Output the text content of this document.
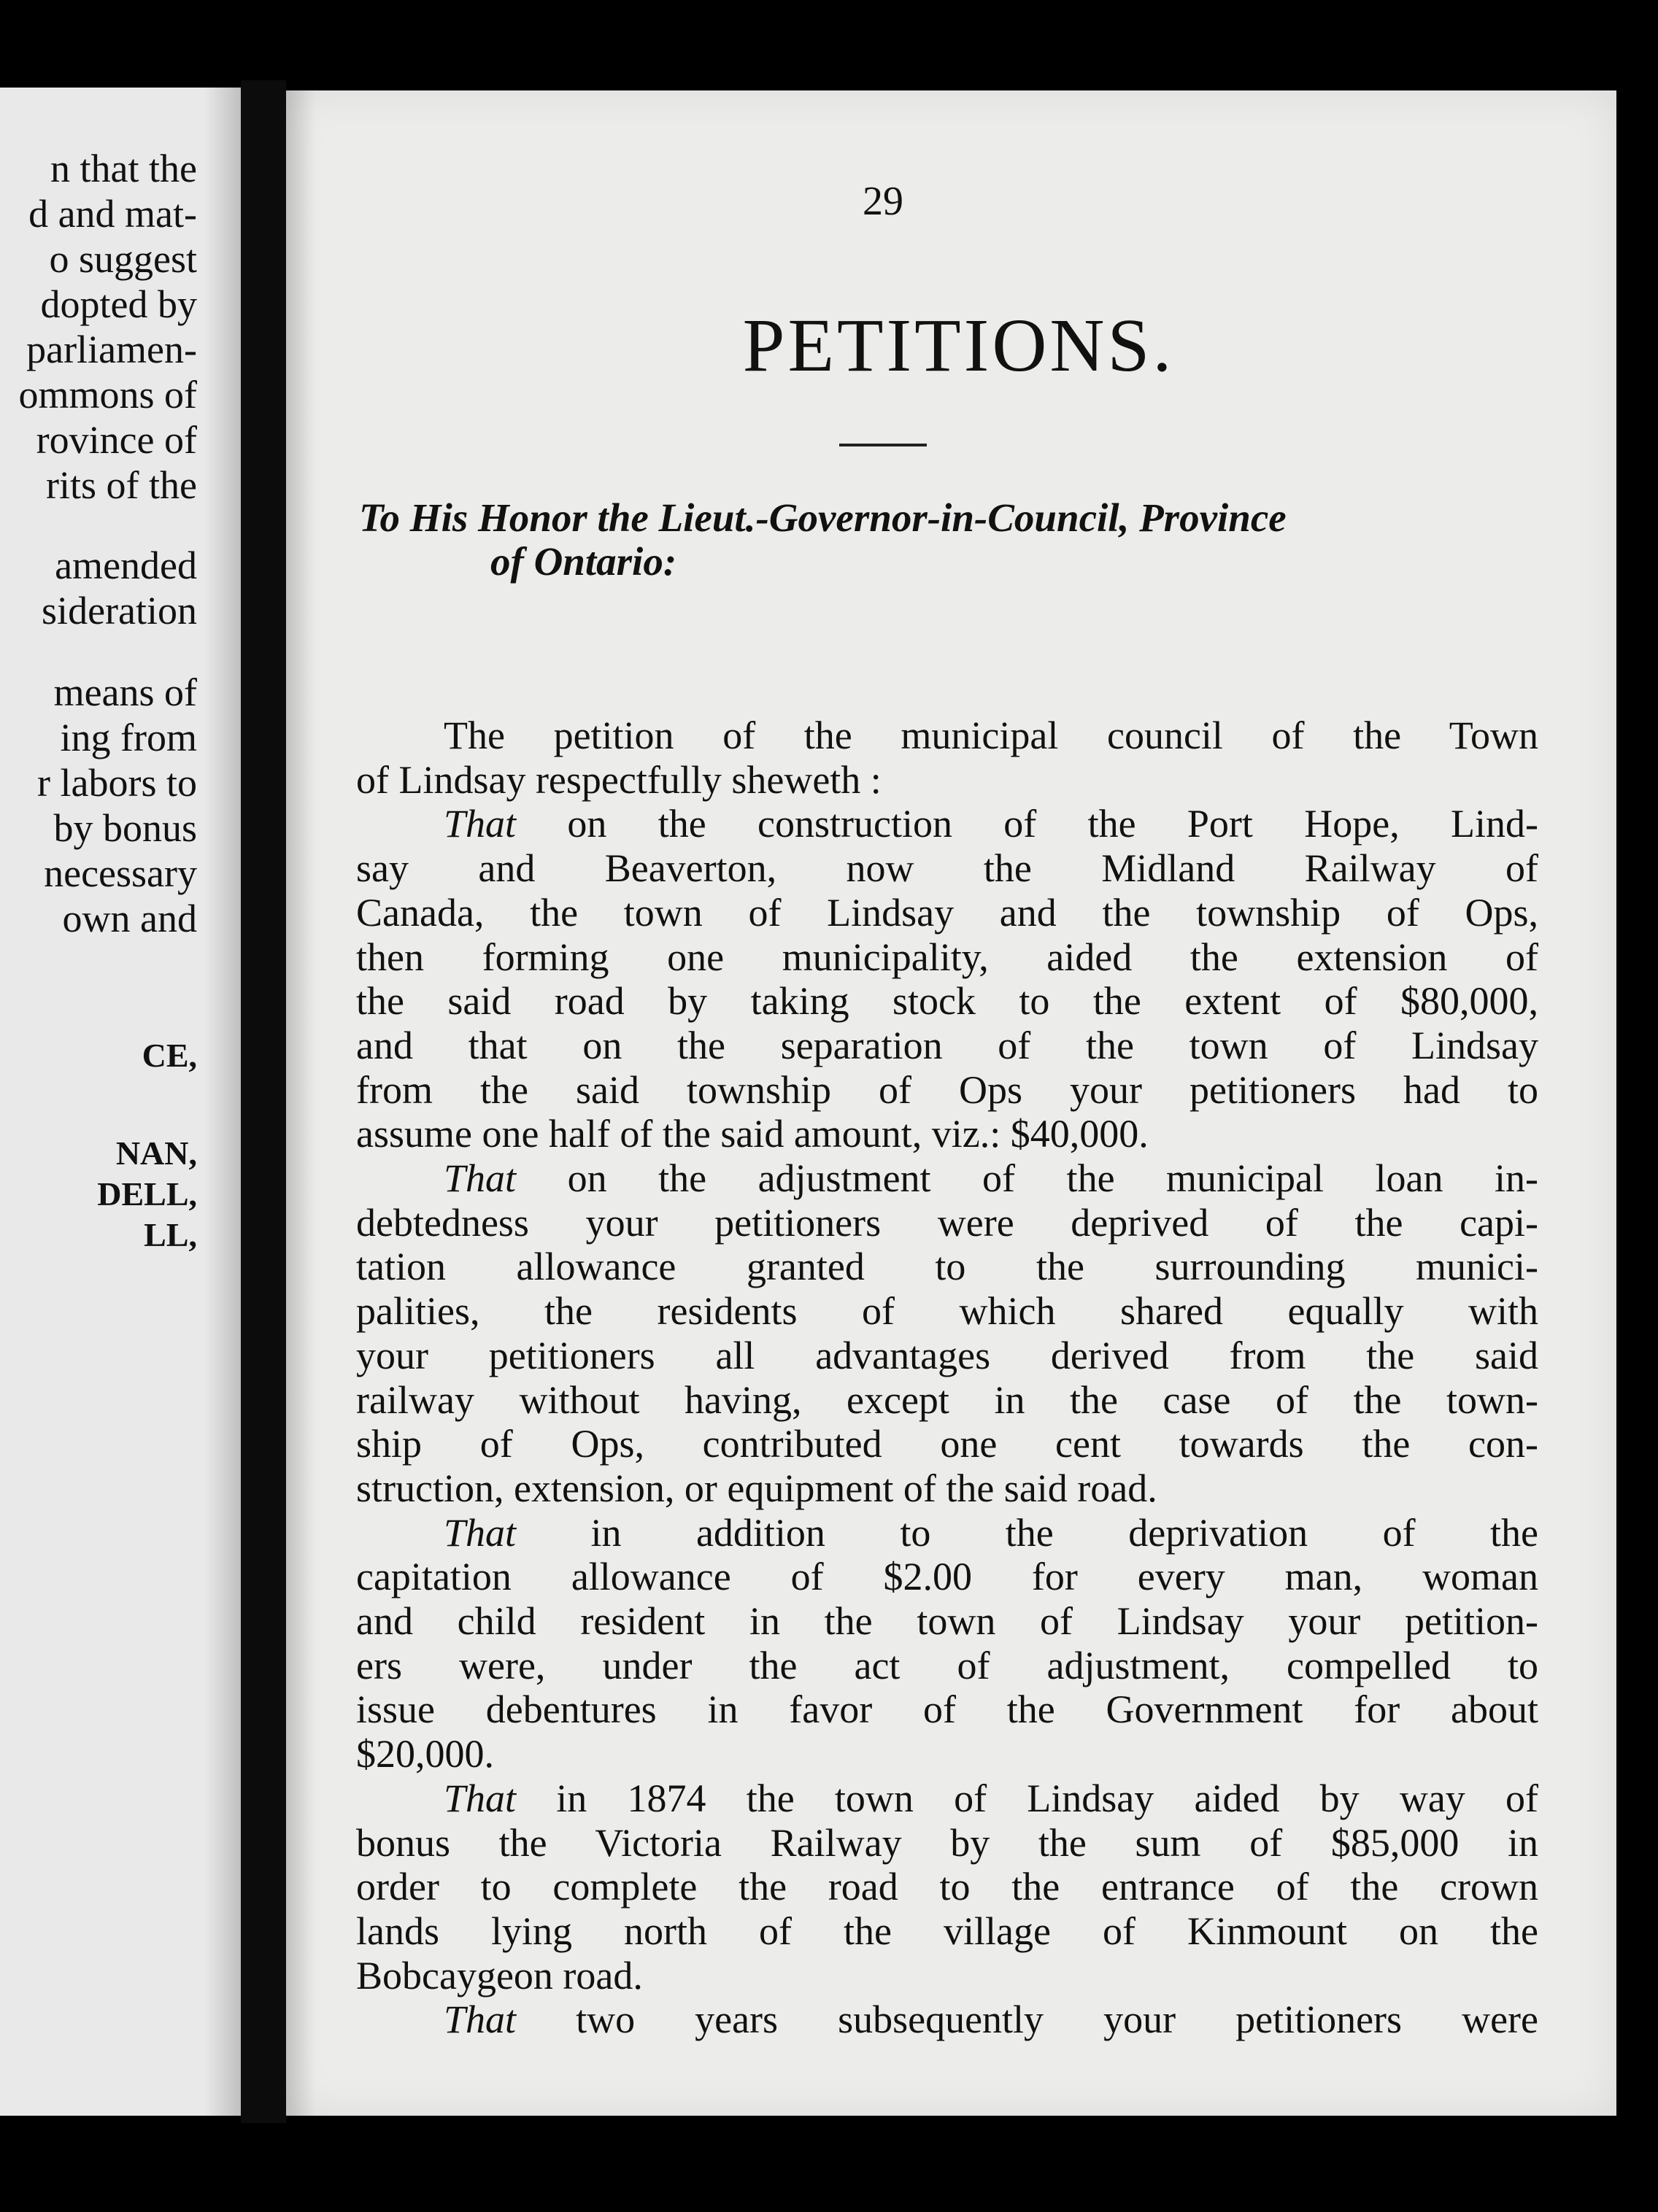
n that the
d and mat-
o suggest
dopted by
parliamen-
ommons of
rovince of
rits of the
amended
sideration
means of
ing from
r labors to
by bonus
necessary
own and
CE,
NAN,
DELL,
LL,
29
PETITIONS.
To His Honor the Lieut.-Governor-in-Council, Province
of Ontario:
The petition of the municipal council of the Town
of Lindsay respectfully sheweth :
That on the construction of the Port Hope, Lind-
say and Beaverton, now the Midland Railway of
Canada, the town of Lindsay and the township of Ops,
then forming one municipality, aided the extension of
the said road by taking stock to the extent of $80,000,
and that on the separation of the town of Lindsay
from the said township of Ops your petitioners had to
assume one half of the said amount, viz.: $40,000.
That on the adjustment of the municipal loan in-
debtedness your petitioners were deprived of the capi-
tation allowance granted to the surrounding munici-
palities, the residents of which shared equally with
your petitioners all advantages derived from the said
railway without having, except in the case of the town-
ship of Ops, contributed one cent towards the con-
struction, extension, or equipment of the said road.
That in addition to the deprivation of the
capitation allowance of $2.00 for every man, woman
and child resident in the town of Lindsay your petition-
ers were, under the act of adjustment, compelled to
issue debentures in favor of the Government for about
$20,000.
That in 1874 the town of Lindsay aided by way of
bonus the Victoria Railway by the sum of $85,000 in
order to complete the road to the entrance of the crown
lands lying north of the village of Kinmount on the
Bobcaygeon road.
That two years subsequently your petitioners were
